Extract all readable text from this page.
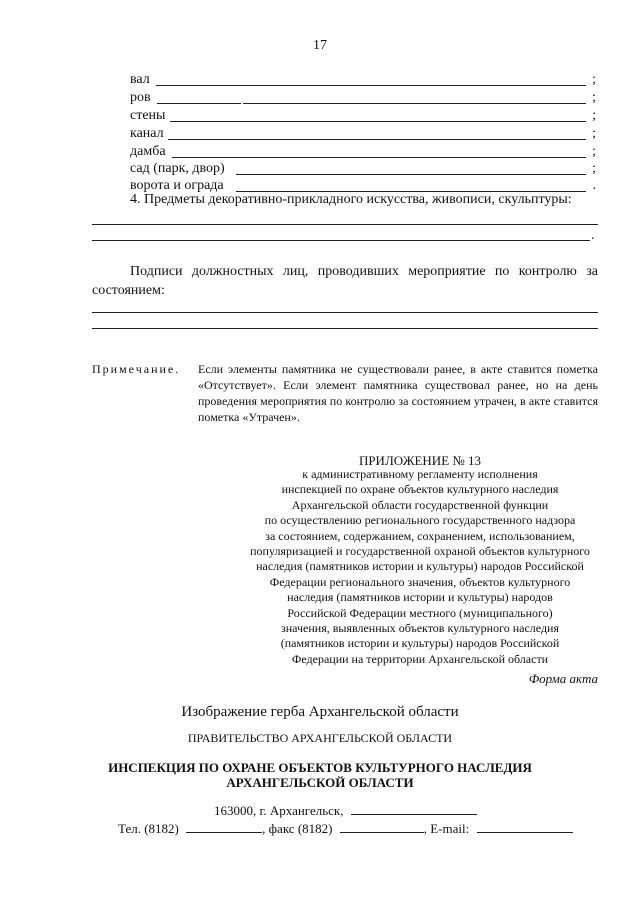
17
вал	;
ров	;
стены	;
канал	;
дамба	;
сад (парк, двор)	;
ворота и ограда	.
4. Предметы декоративно-прикладного искусства, живописи, скульптуры:
.
Подписи должностных лиц, проводивших мероприятие по контролю за состоянием:
Примечание. Если элементы памятника не существовали ранее, в акте ставится пометка «Отсутствует». Если элемент памятника существовал ранее, но на день проведения мероприятия по контролю за состоянием утрачен, в акте ставится пометка «Утрачен».
ПРИЛОЖЕНИЕ № 13
к административному регламенту исполнения
инспекцией по охране объектов культурного наследия
Архангельской области государственной функции
по осуществлению регионального государственного надзора
за состоянием, содержанием, сохранением, использованием,
популяризацией и государственной охраной объектов культурного
наследия (памятников истории и культуры) народов Российской
Федерации регионального значения, объектов культурного
наследия (памятников истории и культуры) народов
Российской Федерации местного (муниципального)
значения, выявленных объектов культурного наследия
(памятников истории и культуры) народов Российской
Федерации на территории Архангельской области
Форма акта
Изображение герба Архангельской области
ПРАВИТЕЛЬСТВО АРХАНГЕЛЬСКОЙ ОБЛАСТИ
ИНСПЕКЦИЯ ПО ОХРАНЕ ОБЪЕКТОВ КУЛЬТУРНОГО НАСЛЕДИЯ
АРХАНГЕЛЬСКОЙ ОБЛАСТИ
163000, г. Архангельск,
Тел. (8182)	, факс (8182)	, E-mail:
